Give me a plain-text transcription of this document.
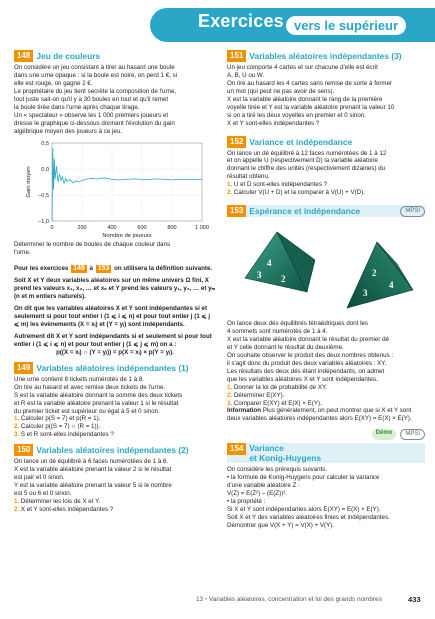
Exercices vers le supérieur
148 Jeu de couleurs

On considère un jeu consistant à tirer au hasard une boule

dans une urne opaque : si la boule est noire, on perd 1 €, si

elle est rouge, on gagne 2 €.

Le propriétaire du jeu tient secrète la composition de l'urne,

tout juste sait-on qu'il y a 30 boules en tout et qu'il remet

la boule tirée dans l'urne après chaque tirage.

Un « spectateur » observe les 1 000 premiers joueurs et

dresse le graphique ci-dessous donnant l'évolution du gain

algébrique moyen des joueurs à ce jeu.

0	200	400	600	800	1 000
0,5
0,0
–0,5
–1,0
Nombre de joueurs
Gain moyen

Déterminer le nombre de boules de chaque couleur dans

l'urne.

Pour les exercices 149 à 153 on utilisera la définition suivante.

Soit X et Y deux variables aléatoires sur un même univers Ω fini, X prend les valeurs x₁, x₂, … et xₙ et Y prend les valeurs y₁, y₂, … et yₘ (n et m entiers naturels).

On dit que les variables aléatoires X et Y sont indépendantes si et seulement si pour tout entier i (1 ⩽ i ⩽ n) et pour tout entier j (1 ⩽ j ⩽ m) les évènements (X = xᵢ) et (Y = yⱼ) sont indépendants.

Autrement dit X et Y sont indépendants si et seulement si pour tout entier i (1 ⩽ i ⩽ n) et pour tout entier j (1 ⩽ j ⩽ m) on a :

p((X = xᵢ) ∩ (Y = yⱼ)) = p(X = xᵢ) × p(Y = yⱼ).

149 Variables aléatoires indépendantes (1)

Une urne contient 8 tickets numérotés de 1 à 8.

On tire au hasard et avec remise deux tickets de l'urne.

S est la variable aléatoire donnant la somme des deux tickets

et R est la variable aléatoire prenant la valeur 1 si le résultat

du premier ticket est supérieur ou égal à 5 et 0 sinon.

1. Calculer p(S = 7) et p(R = 1).

2. Calculer p((S = 7) ∩ (R = 1)).

3. S et R sont-elles indépendantes ?

150 Variables aléatoires indépendantes (2)

On lance un dé équilibré à 6 faces numérotées de 1 à 6.

X est la variable aléatoire prenant la valeur 2 si le résultat

est pair et 0 sinon.

Y est la variable aléatoire prenant la valeur 5 si le nombre

est 5 ou 6 et 0 sinon.

1. Déterminer les lois de X et Y.

2. X et Y sont-elles indépendantes ?

151 Variables aléatoires indépendantes (3)

Un jeu comporte 4 cartes et sur chacune d'elle est écrit

A, B, U ou W.

On tire au hasard les 4 cartes sans remise de sorte à former

un mot (qui peut ne pas avoir de sens).

X est la variable aléatoire donnant le rang de la première

voyelle tirée et Y est la variable aléatoire prenant la valeur 10

si on a tiré les deux voyelles en premier et 0 sinon.

X et Y sont-elles indépendantes ?

152 Variance et indépendance

On lance un dé équilibré à 12 faces numérotées de 1 à 12

et on appelle U (respectivement D) la variable aléatoire

donnant le chiffre des unités (respectivement dizaines) du

résultat obtenu.

1. U et D sont-elles indépendantes ?

2. Calculer V(U + D) et la comparer à V(U) + V(D).

153 Espérance et indépendance	MPSI
4
2
3	2
4
3

On lance deux dés équilibrés tétraédriques dont les

4 sommets sont numérotés de 1 à 4.

X est la variable aléatoire donnant le résultat du premier dé

et Y celle donnant le résultat du deuxième.

On souhaite observer le produit des deux nombres obtenus :

il s'agit donc du produit des deux variables aléatoires : XY.

Les résultats des deux dés étant indépendants, on admet

que les variables aléatoires X et Y sont indépendantes.

1. Donner la loi de probabilité de XY.

2. Déterminer E(XY).

3. Comparer E(XY) et E(X) × E(Y).

Information Plus généralement, on peut montrer que si X et Y sont deux variables aléatoires indépendantes alors E(XY) = E(X) × E(Y).

Démo	MPSI
154 Variance
et Konig-Huygens

On considère les prérequis suivants.

• la formule de Konig-Huygens pour calculer la variance

d'une variable aléatoire Z :

V(Z) = E(Z²) – (E(Z))².

• la propriété :

Si X et Y sont indépendantes alors E(XY) = E(X) × E(Y).

Soit X et Y des variables aléatoires finies et indépendantes.

Démontrer que V(X + Y) = V(X) + V(Y).

13 • Variables aléatoires, concentration et loi des grands nombres	433
